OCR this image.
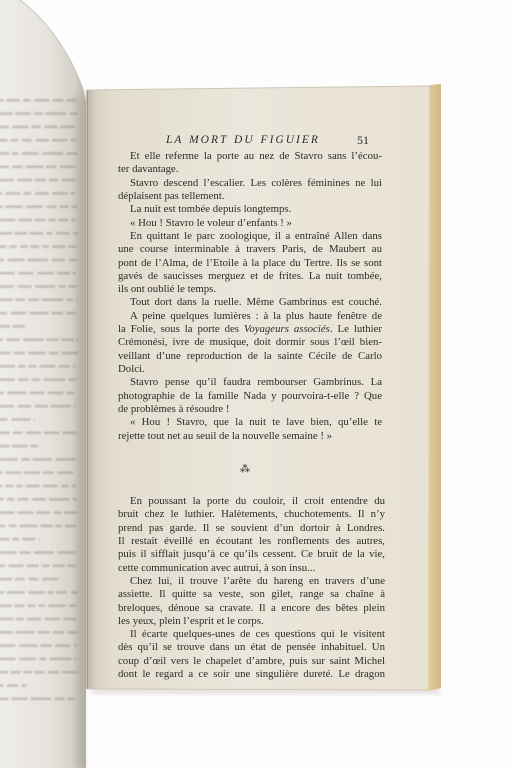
LA MORT DU FIGUIER	51
Et elle referme la porte au nez de Stavro sans l’écou-
ter davantage.
Stavro descend l’escalier. Les colères féminines ne lui
déplaisent pas tellement.
La nuit est tombée depuis longtemps.
« Hou ! Stavro le voleur d’enfants ! »
En quittant le parc zoologique, il a entraîné Allen dans
une course interminable à travers Paris, de Maubert au
pont de l’Alma, de l’Etoile à la place du Tertre. Ils se sont
gavés de saucisses merguez et de frites. La nuit tombée,
ils ont oublié le temps.
Tout dort dans la ruelle. Même Gambrinus est couché.
A peine quelques lumières : à la plus haute fenêtre de
la Folie, sous la porte des Voyageurs associés. Le luthier
Crémonési, ivre de musique, doit dormir sous l’œil bien-
veillant d’une reproduction de la sainte Cécile de Carlo
Dolci.
Stavro pense qu’il faudra rembourser Gambrinus. La
photographie de la famille Nada y pourvoira-t-elle ? Que
de problèmes à résoudre !
« Hou ! Stavro, que la nuit te lave bien, qu’elle te
rejette tout net au seuil de la nouvelle semaine ! »
⁂
En poussant la porte du couloir, il croit entendre du
bruit chez le luthier. Halètements, chuchotements. Il n’y
prend pas garde. Il se souvient d’un dortoir à Londres.
Il restait éveillé en écoutant les ronflements des autres,
puis il sifflait jusqu’à ce qu’ils cessent. Ce bruit de la vie,
cette communication avec autrui, à son insu...
Chez lui, il trouve l’arête du hareng en travers d’une
assiette. Il quitte sa veste, son gilet, range sa chaîne à
breloques, dénoue sa cravate. Il a encore des bêtes plein
les yeux, plein l’esprit et le corps.
Il écarte quelques-unes de ces questions qui le visitent
dès qu’il se trouve dans un état de pensée inhabituel. Un
coup d’œil vers le chapelet d’ambre, puis sur saint Michel
dont le regard a ce soir une singulière dureté. Le dragon
